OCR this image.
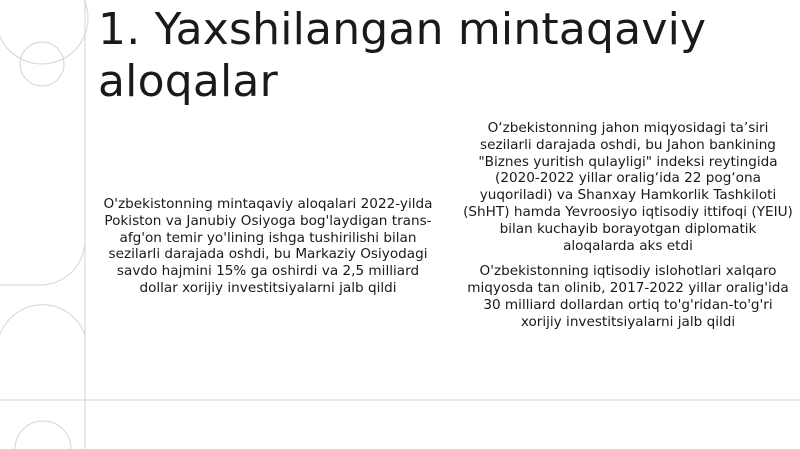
1. Yaxshilangan mintaqaviy aloqalar

O'zbekistonning mintaqaviy aloqalari 2022-yilda Pokiston va Janubiy Osiyoga bog'laydigan trans-afg'on temir yo'lining ishga tushirilishi bilan sezilarli darajada oshdi, bu Markaziy Osiyodagi savdo hajmini 15% ga oshirdi va 2,5 milliard dollar xorijiy investitsiyalarni jalb qildi

O‘zbekistonning jahon miqyosidagi ta’siri sezilarli darajada oshdi, bu Jahon bankining "Biznes yuritish qulayligi" indeksi reytingida (2020-2022 yillar oralig‘ida 22 pog‘ona yuqoriladi) va Shanxay Hamkorlik Tashkiloti (ShHT) hamda Yevroosiyo iqtisodiy ittifoqi (YEIU) bilan kuchayib borayotgan diplomatik aloqalarda aks etdi

O'zbekistonning iqtisodiy islohotlari xalqaro miqyosda tan olinib, 2017-2022 yillar oralig'ida 30 milliard dollardan ortiq to'g'ridan-to'g'ri xorijiy investitsiyalarni jalb qildi
